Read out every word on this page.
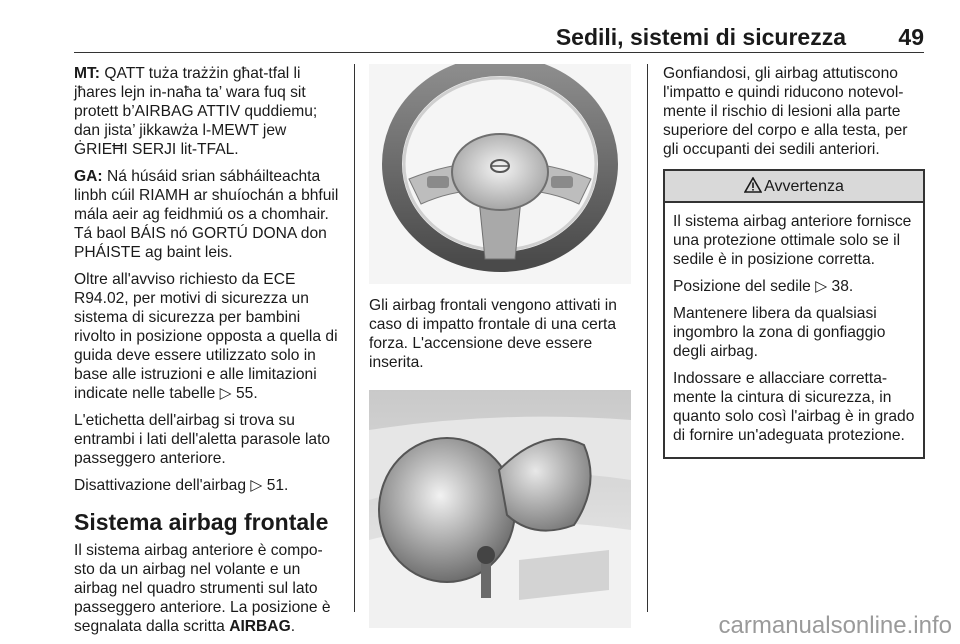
Sedili, sistemi di sicurezza 49

MT: QATT tuża trażżin għat-tfal li jħares lejn in-naħa ta’ wara fuq sit protett b’AIRBAG ATTIV quddiemu; dan jista’ jikkawża l-MEWT jew ĠRIEĦI SERJI lit-TFAL.

GA: Ná húsáid srian sábháilteachta linbh cúil RIAMH ar shuíochán a bhfuil mála aeir ag feidhmiú os a chomhair. Tá baol BÁIS nó GORTÚ DONA don PHÁISTE ag baint leis.

Oltre all'avviso richiesto da ECE R94.02, per motivi di sicurezza un sistema di sicurezza per bambini rivolto in posizione opposta a quella di guida deve essere utilizzato solo in base alle istruzioni e alle limitazioni indicate nelle tabelle ▷ 55.

L'etichetta dell'airbag si trova su entrambi i lati dell'aletta parasole lato passeggero anteriore.

Disattivazione dell'airbag ▷ 51.

Sistema airbag frontale

Il sistema airbag anteriore è compo-sto da un airbag nel volante e un airbag nel quadro strumenti sul lato passeggero anteriore. La posizione è segnalata dalla scritta AIRBAG.

Gli airbag frontali vengono attivati in caso di impatto frontale di una certa forza. L'accensione deve essere inserita.

Gonfiandosi, gli airbag attutiscono l'impatto e quindi riducono notevol-mente il rischio di lesioni alla parte superiore del corpo e alla testa, per gli occupanti dei sedili anteriori.

Avvertenza

Il sistema airbag anteriore fornisce una protezione ottimale solo se il sedile è in posizione corretta.

Posizione del sedile ▷ 38.

Mantenere libera da qualsiasi ingombro la zona di gonfiaggio degli airbag.

Indossare e allacciare corretta-mente la cintura di sicurezza, in quanto solo così l'airbag è in grado di fornire un'adeguata protezione.

carmanualsonline.info
